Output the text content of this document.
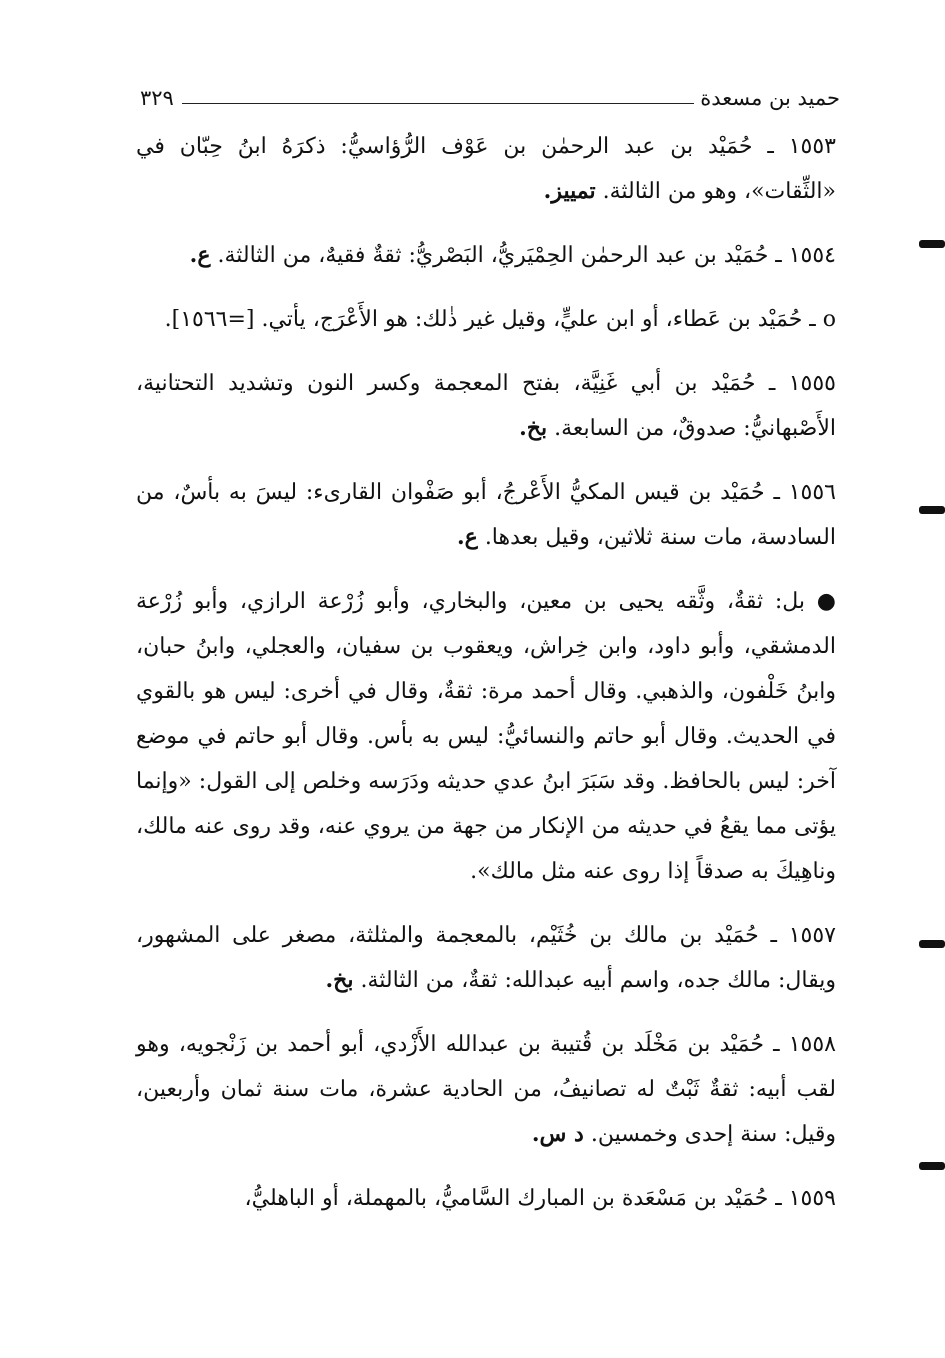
حميد بن مسعدة
٣٢٩

١٥٥٣ ـ حُمَيْد بن عبد الرحمٰن بن عَوْف الرُّؤاسيُّ: ذكرَهُ ابنُ حِبّان في «الثِّقات»، وهو من الثالثة. تمييز.

١٥٥٤ ـ حُمَيْد بن عبد الرحمٰن الحِمْيَريُّ، البَصْريُّ: ثقةٌ فقيهٌ، من الثالثة. ع.

ο ـ حُمَيْد بن عَطاء، أو ابن عليٍّ، وقيل غير ذٰلك: هو الأَعْرَج، يأتي. [=١٥٦٦].

١٥٥٥ ـ حُمَيْد بن أبي غَنِيَّة، بفتح المعجمة وكسر النون وتشديد التحتانية، الأَصْبهانيُّ: صدوقٌ، من السابعة. بخ.

١٥٥٦ ـ حُمَيْد بن قيس المكيُّ الأَعْرجُ، أبو صَفْوان القارىء: ليسَ به بأسٌ، من السادسة، مات سنة ثلاثين، وقيل بعدها. ع.

● بل: ثقةٌ، وثَّقه يحيى بن معين، والبخاري، وأبو زُرْعة الرازي، وأبو زُرْعة الدمشقي، وأبو داود، وابن خِراش، ويعقوب بن سفيان، والعجلي، وابنُ حبان، وابنُ خَلْفون، والذهبي. وقال أحمد مرة: ثقةٌ، وقال في أخرى: ليس هو بالقوي في الحديث. وقال أبو حاتم والنسائيُّ: ليس به بأس. وقال أبو حاتم في موضع آخر: ليس بالحافظ. وقد سَبَرَ ابنُ عدي حديثه ودَرَسه وخلص إلى القول: «وإنما يؤتى مما يقعُ في حديثه من الإنكار من جهة من يروي عنه، وقد روى عنه مالك، وناهِيكَ به صدقاً إذا روى عنه مثل مالك».

١٥٥٧ ـ حُمَيْد بن مالك بن خُثَيْم، بالمعجمة والمثلثة، مصغر على المشهور، ويقال: مالك جده، واسم أبيه عبدالله: ثقةٌ، من الثالثة. بخ.

١٥٥٨ ـ حُمَيْد بن مَخْلَد بن قُتيبة بن عبدالله الأَزْدي، أبو أحمد بن زَنْجويه، وهو لقب أبيه: ثقةٌ ثَبْتٌ له تصانيفُ، من الحادية عشرة، مات سنة ثمان وأربعين، وقيل: سنة إحدى وخمسين. د س.

١٥٥٩ ـ حُمَيْد بن مَسْعَدة بن المبارك السَّاميُّ، بالمهملة، أو الباهليُّ،
